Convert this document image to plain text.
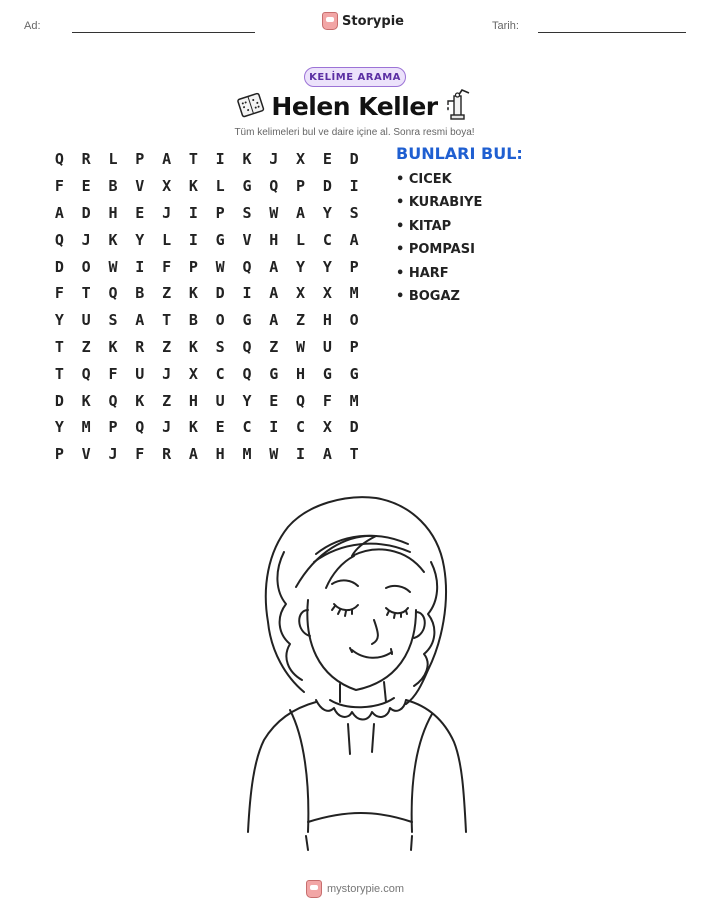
Ad:	Storypie	Tarih:
KELİME ARAMA
Helen Keller
Tüm kelimeleri bul ve daire içine al. Sonra resmi boya!
Q	R	L	P	A	T	I	K	J	X	E	D
F	E	B	V	X	K	L	G	Q	P	D	I
A	D	H	E	J	I	P	S	W	A	Y	S
Q	J	K	Y	L	I	G	V	H	L	C	A
D	O	W	I	F	P	W	Q	A	Y	Y	P
F	T	Q	B	Z	K	D	I	A	X	X	M
Y	U	S	A	T	B	O	G	A	Z	H	O
T	Z	K	R	Z	K	S	Q	Z	W	U	P
T	Q	F	U	J	X	C	Q	G	H	G	G
D	K	Q	K	Z	H	U	Y	E	Q	F	M
Y	M	P	Q	J	K	E	C	I	C	X	D
P	V	J	F	R	A	H	M	W	I	A	T
BUNLARI BUL:
• CICEK
• KURABIYE
• KITAP
• POMPASI
• HARF
• BOGAZ
mystorypie.com
